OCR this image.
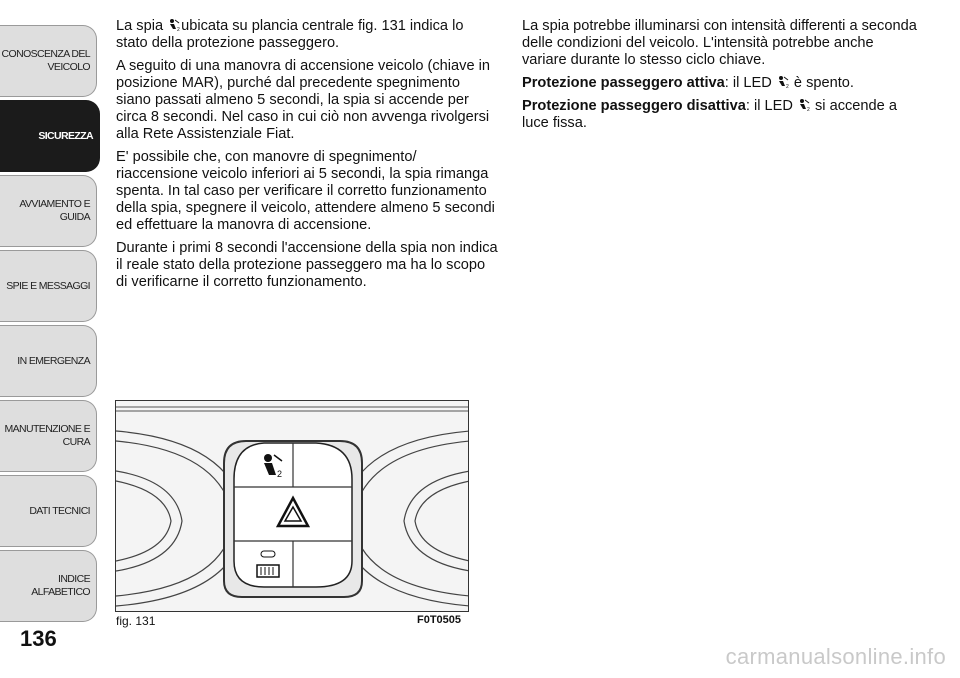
CONOSCENZA DEL
VEICOLO
SICUREZZA
AVVIAMENTO E
GUIDA
SPIE E MESSAGGI
IN EMERGENZA
MANUTENZIONE E
CURA
DATI TECNICI
INDICE ALFABETICO
136

La spia 2 ubicata su plancia centrale fig. 131 indica lo stato della protezione passeggero.

A seguito di una manovra di accensione veicolo (chiave in posizione MAR), purché dal precedente spegnimento siano passati almeno 5 secondi, la spia si accende per circa 8 secondi. Nel caso in cui ciò non avvenga rivolgersi alla Rete Assistenziale Fiat.

E' possibile che, con manovre di spegnimento/ riaccensione veicolo inferiori ai 5 secondi, la spia rimanga spenta. In tal caso per verificare il corretto funzionamento della spia, spegnere il veicolo, attendere almeno 5 secondi ed effettuare la manovra di accensione.

Durante i primi 8 secondi l'accensione della spia non indica il reale stato della protezione passeggero ma ha lo scopo di verificarne il corretto funzionamento.

La spia potrebbe illuminarsi con intensità differenti a seconda delle condizioni del veicolo. L'intensità potrebbe anche variare durante lo stesso ciclo chiave.

Protezione passeggero attiva: il LED 2 è spento.

Protezione passeggero disattiva: il LED 2 si accende a luce fissa.

2
fig. 131	F0T0505
carmanualsonline.info
